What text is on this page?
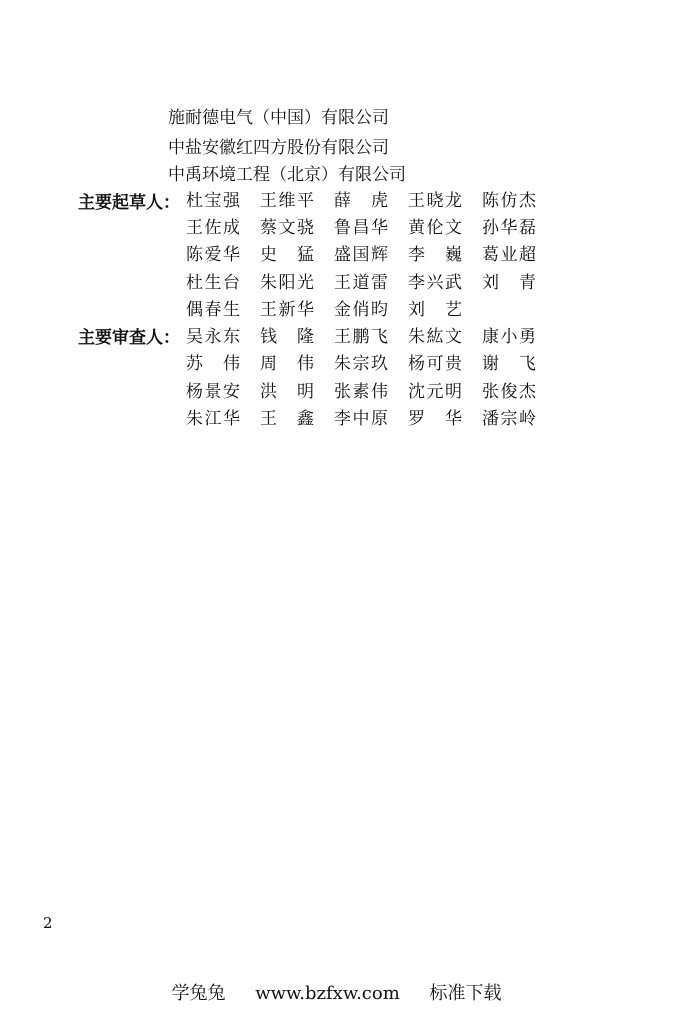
施耐德电气（中国）有限公司
中盐安徽红四方股份有限公司
中禹环境工程（北京）有限公司
主要起草人： 杜宝强 王维平 薛 虎 王晓龙 陈仿杰
王佐成 蔡文骁 鲁昌华 黄伦文 孙华磊
陈爱华 史 猛 盛国辉 李 巍 葛业超
杜生台 朱阳光 王道雷 李兴武 刘 青
偶春生 王新华 金俏昀 刘 艺
主要审查人： 吴永东 钱 隆 王鹏飞 朱紘文 康小勇
苏 伟 周 伟 朱宗玖 杨可贵 谢 飞
杨景安 洪 明 张素伟 沈元明 张俊杰
朱江华 王 鑫 李中原 罗 华 潘宗岭
2
学兔兔 www.bzfxw.com 标准下载
